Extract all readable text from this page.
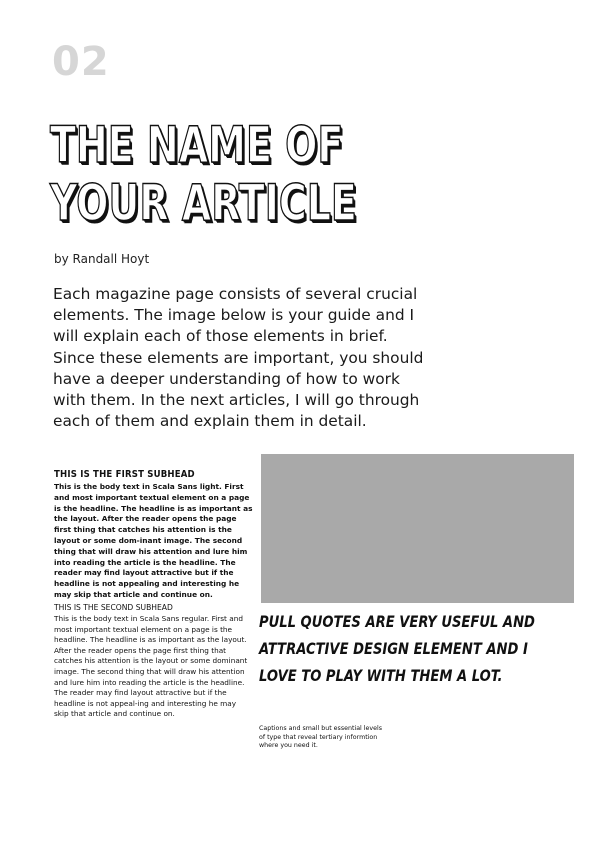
02
THE NAME OF YOUR ARTICLE
by Randall Hoyt

Each magazine page consists of several crucial elements. The image below is your guide and I will explain each of those elements in brief. Since these elements are important, you should have a deeper understanding of how to work with them. In the next articles, I will go through each of them and explain them in detail.

THIS IS THE FIRST SUBHEAD

This is the body text in Scala Sans light. First and most important textual element on a page is the headline. The headline is as important as the layout. After the reader opens the page first thing that catches his attention is the layout or some dom-inant image. The second thing that will draw his attention and lure him into reading the article is the headline. The reader may find layout attractive but if the headline is not appealing and interesting he may skip that article and continue on.

THIS IS THE SECOND SUBHEAD

This is the body text in Scala Sans regular. First and most important textual element on a page is the headline. The headline is as important as the layout. After the reader opens the page first thing that catches his attention is the layout or some dominant image. The second thing that will draw his attention and lure him into reading the article is the headline. The reader may find layout attractive but if the headline is not appeal-ing and interesting he may skip that article and continue on.

PULL QUOTES ARE VERY USEFUL AND ATTRACTIVE DESIGN ELEMENT AND I LOVE TO PLAY WITH THEM A LOT.

Captions and small but essential levels of type that reveal tertiary informtion where you need it.
